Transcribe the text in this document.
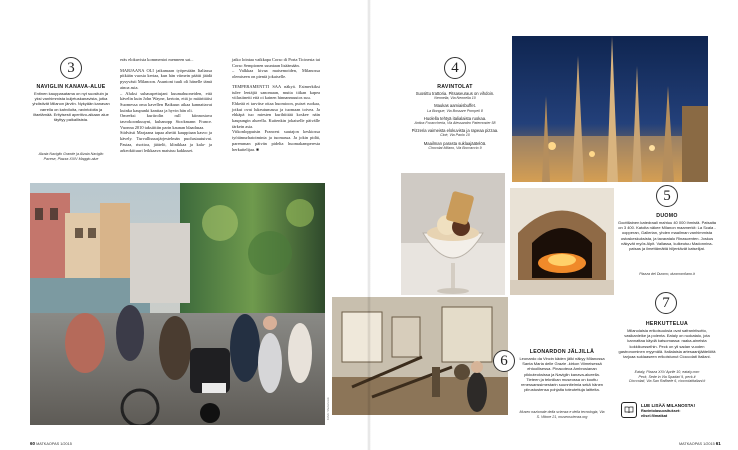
3
NAVIGLIN KANAVA-ALUE
Entinen kauppasatama on nyt suosituin ja yksi vanhimmista kuljetuskanavista, jotka yhdistivät Milanon järviin. Nykyään kanavan varrella on kahviloita, ravintoloita ja iltaelämää. Erityisesti aperitivo-aikaan alue täyttyy paikallisista.
Alzaia Naviglio Grande ja Alzaia Naviglio Pavese, Piazza XXIV Maggio-alue

eräs elokuvista kommentoi menneen sat...

MARJAANA OLI jatkamaan työpestään Italiassa pitkään vuosia kertaa, kun hän viimein päätti jäädä pysyvästi Milanoon. Asuntoni tuuli oli hänelle tämä ainoa asia.

– Aluksi suhauspettujani kuumahuoneiden, että kävelin kuin John Wayne, kertoin, että jo määrittäisi Suomessa oma kavellen Baikuun aikaa kannattavat kuinka kaupunki kanttaa ja hyvin hän oli.

Omeeksi kuriirolin rull kiinnostava tasvokoonkuuyni, kuhanopp Stockmann France. Vuonna 2010 taksiittiin parin kaunan blaadasaa.

Stidvästi Marjaana tapaa ahetiti kauppiaan kasvo ja kävely. Turvallisuusjärjestelmän puolustautuivat. Pastaa, risottoa, jäätelö, klinikkaa ja kala- ja arkeokiituuri leikkaava maistuu kakkuset.

jatko lointaa vaikkapa Corso di Porta Ticinesta tai Corso Sempionen suuntaan lisäämään.

– Valkkaa kivaa maisemoiden, Milanossa olemiseen on pientä jokaiselle.

TEMPERAMENTTI SAA näkyä. Esimerkiksi tulee lentäjiä sanomaan, mutta tiikan kapea viilasiinetti että oi kainen hinnanmuutos suu.

Ehkeää ei tarvitse ottaa huomioon, puiset ruokaa, jotkut ovat lukeutumassa ja tuomaan toivea. Ja ehkäpä tuo miesten kurihiittää koskee näin kaupungin alueella. Kuitenkin jokaiselle päivälle tärkein asia.

Viikonloppuisin Francest suutajon keskiossa työtämurhatoiminta ja tuomassa. Ja jokin pidät, paremman päivän pidelta huomakamperesta herkuttelijaa. ■

KUVA: Shutterstock
60 MATKAOPAS 1/2015
4
RAVINTOLAT
Suosittu trattoria. Pitsaseuraus on vihdoin.
Nennella, Via Nennella 10
Maukas aamiaisbuffet.
La Bongue, Via Bossare Pompeii 8
Huolella tehtyä italialaista ruokaa.
Antica Focaccheria, Via Alessandro Paternoster 58
Pizzeria vaimeista elokuvista ja rapeaa pizzaa.
Cioè, Via Paolo 10
Maailman parasta suklaajäätelöä.
Chocolat Milano, Via Boccaccio 9
5
DUOMO
Goottilainen katedraali mahtuu 40 000 ihmistä. Patsaita on 3 400. Katolta näkee Milanon maamerkit: La Scala -oopperan, Gallerian, yhden maailman vanhimmista ostoskeskuksista, ja tavaratalo Rinascenten. Joskus näkyvät myös Alpit. Vallassa, kulkeutuu Madonnina-patsas ja ilmettämättä hiljentävät katselijat.
Piazza del Duomo, duomomilano.it
6
LEONARDON JÄLJILLÄ
Leonardo da Vincin käden jälki näkyy Milanossa Santa Maria delle Grazie -kirkon Viimeisessä ehtoollisessa. Pinacoteca Ambrosianan pikkuteoksissa ja Naviglin kanava-alueella. Tieteen ja tekniikan museossa on koottu renessanssimestarin suunnitelmia sekä hänen piirustustensa pohjalta toteutettuja laitteita.
Museo nazionale della scienza e della tecnologia, Via S. Vittore 21, museoscienza.org
7
HERKUTTELUA
Milanolaisia erikoisuuksia ovat safraniriisotto, vasikanleike ja polenta. Eataly on ruokatalo, jota kannattaa käydä katsomassa: raaka-aineista kokkikursseihin. Peck on yli sadan vuoden gastronominen myymälä. Italialaisia artesaanijäätelöitä tarjoaa suklaaseen erikoistunut Cioccolati Italiani.
Eataly, Piazza XXV Aprile 10, eataly.com
Peck, Sede in Via Spadari 9, peck.it
Cioccolati, Via San Raffaele 6, cioccolatitaliani.it
LUE LISÄÄ MILANOSTA!
Ravintolasuositukset: elisel.fi/matkat
MATKAOPAS 1/2015 61
